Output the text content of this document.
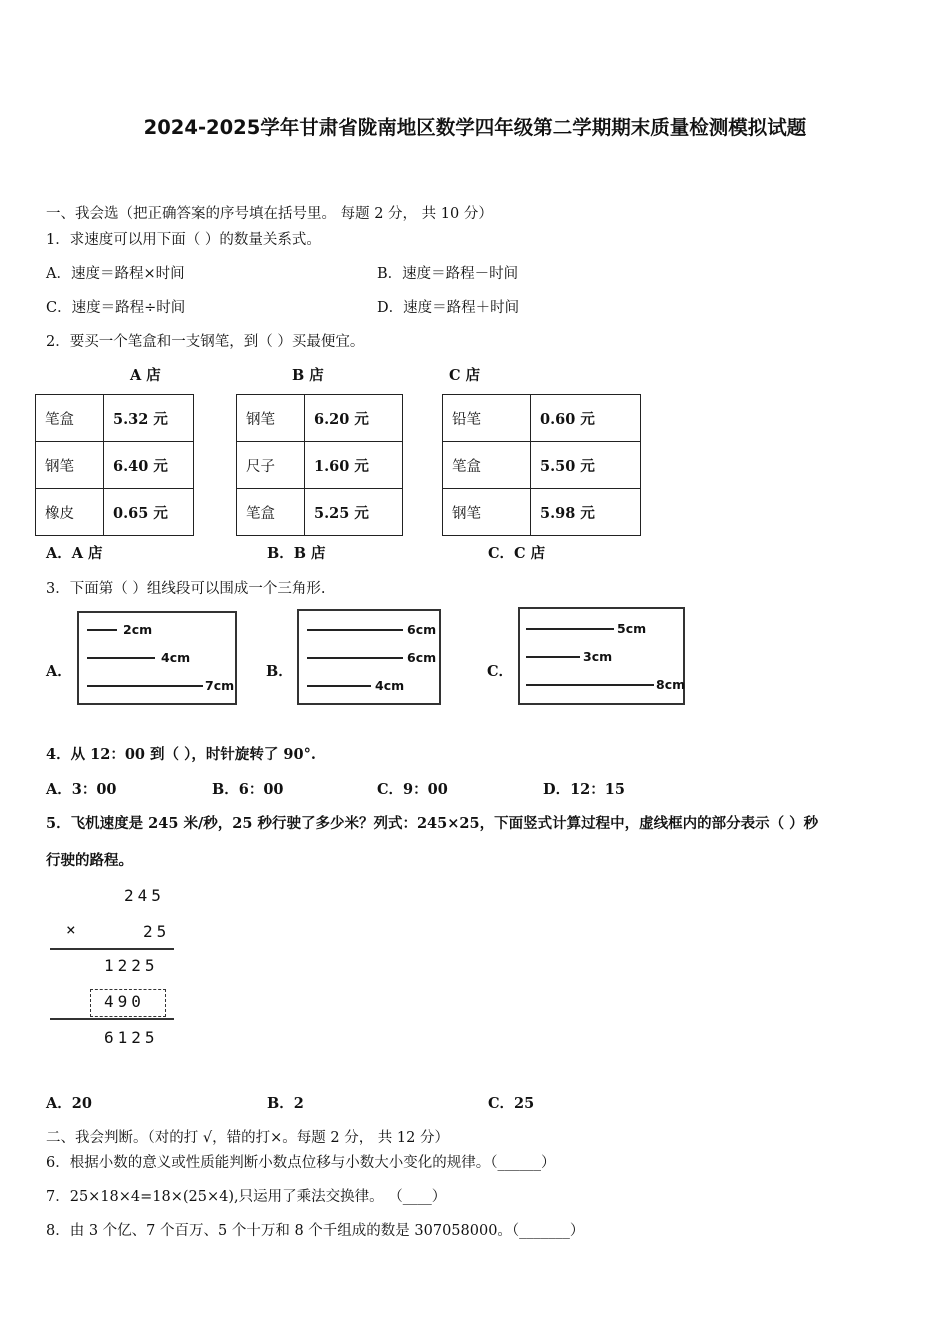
2024-2025学年甘肃省陇南地区数学四年级第二学期期末质量检测模拟试题
一、我会选（把正确答案的序号填在括号里。 每题 2 分， 共 10 分）
1．求速度可以用下面（ ）的数量关系式。
A．速度＝路程×时间	B．速度＝路程－时间
C．速度＝路程÷时间	D．速度＝路程＋时间
2．要买一个笔盒和一支钢笔，到（ ）买最便宜。
A 店	B 店	C 店
笔盒	5.32 元
钢笔	6.40 元
橡皮	0.65 元
钢笔	6.20 元
尺子	1.60 元
笔盒	5.25 元
铅笔	0.60 元
笔盒	5.50 元
钢笔	5.98 元
A．A 店	B．B 店	C．C 店
3．下面第（ ）组线段可以围成一个三角形.
A．
2cm
4cm
7cm
B．
6cm
6cm
4cm
C．
5cm
3cm
8cm
4．从 12：00 到（ ），时针旋转了 90°.
A．3：00	B．6：00	C．9：00	D．12：15
5．飞机速度是 245 米/秒，25 秒行驶了多少米？列式：245×25，下面竖式计算过程中，虚线框内的部分表示（ ）秒
行驶的路程。
245
×	25
1225
490
6125
A．20	B．2	C．25
二、我会判断。（对的打 √，错的打×。每题 2 分， 共 12 分）
6．根据小数的意义或性质能判断小数点位移与小数大小变化的规律。（______）
7．25×18×4=18×(25×4),只运用了乘法交换律。 （____）
8．由 3 个亿、7 个百万、5 个十万和 8 个千组成的数是 307058000。（_______）
